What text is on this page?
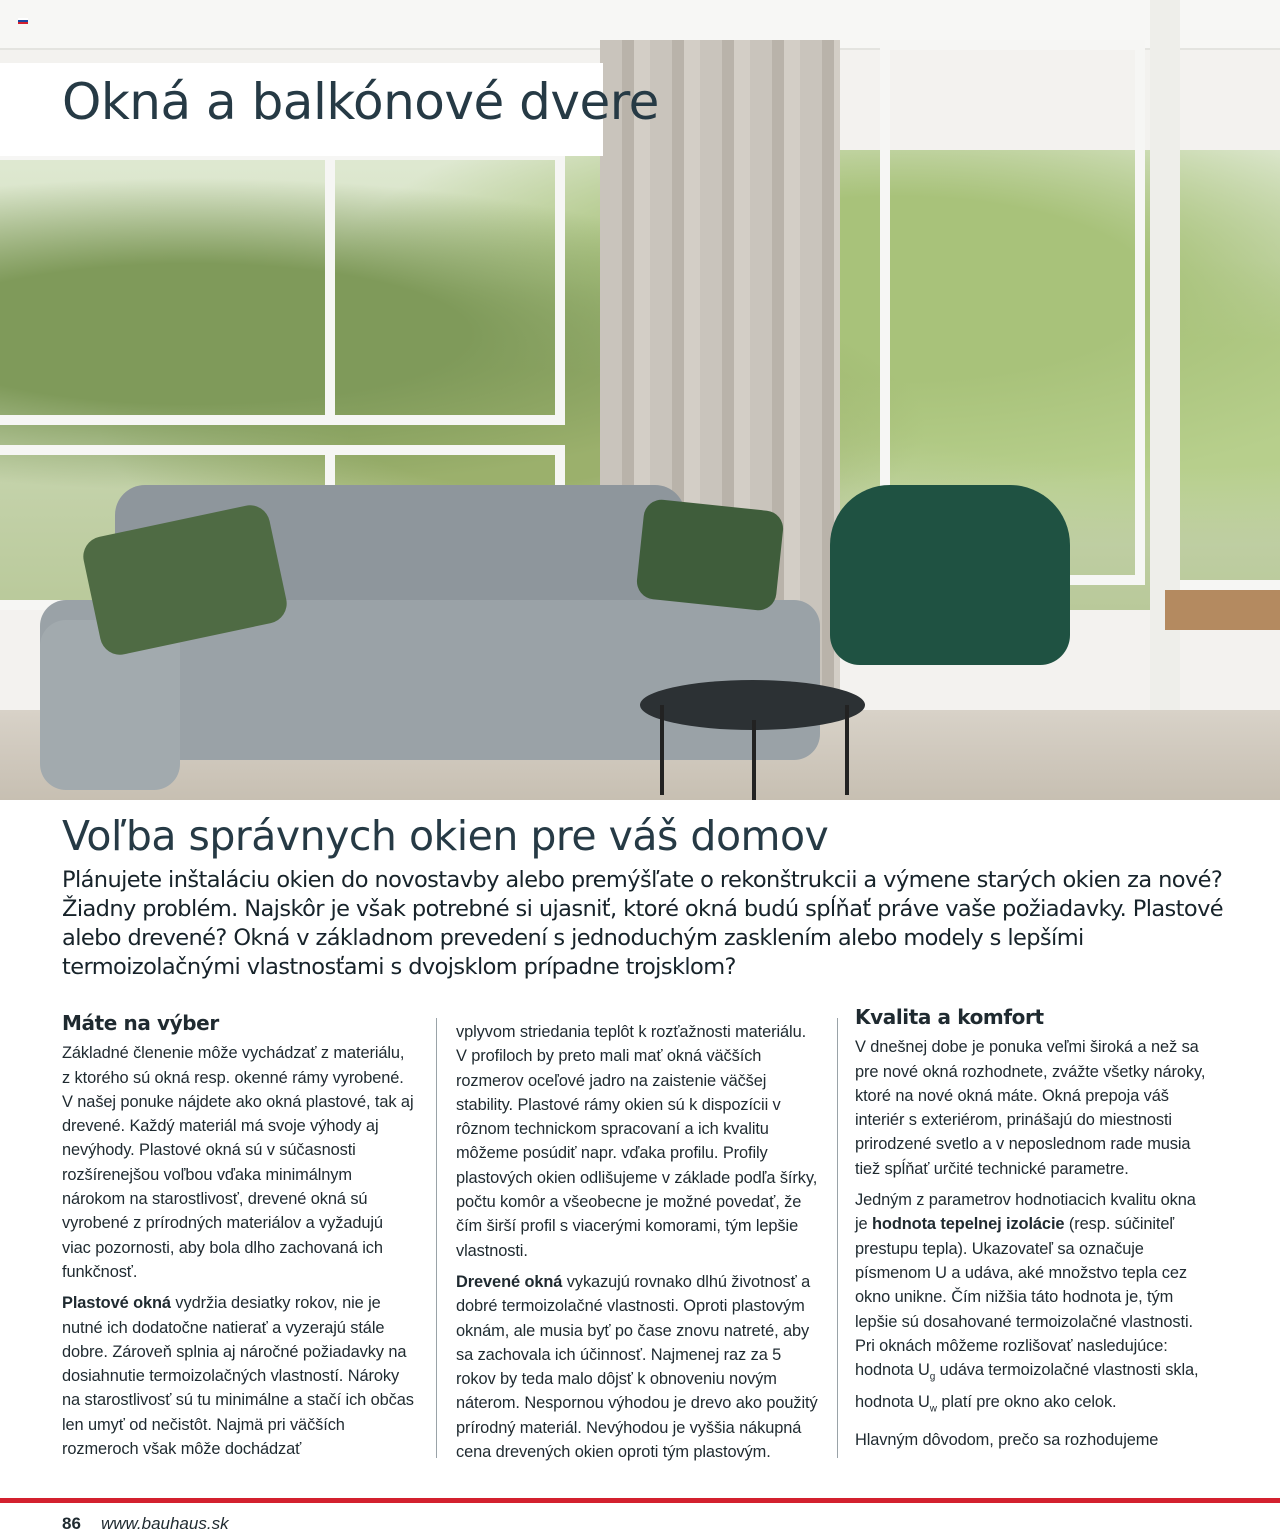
Okná a balkónové dvere
Voľba správnych okien pre váš domov

Plánujete inštaláciu okien do novostavby alebo premýšľate o rekonštrukcii a výmene starých okien za nové? Žiadny problém. Najskôr je však potrebné si ujasniť, ktoré okná budú spĺňať práve vaše požiadavky. Plastové alebo drevené? Okná v základnom prevedení s jednoduchým zasklením alebo modely s lepšími termoizolačnými vlastnosťami s dvojsklom prípadne trojsklom?

Máte na výber

Základné členenie môže vychádzať z materiálu, z ktorého sú okná resp. okenné rámy vyrobené. V našej ponuke nájdete ako okná plastové, tak aj drevené. Každý materiál má svoje výhody aj nevýhody. Plastové okná sú v súčasnosti rozšírenejšou voľbou vďaka minimálnym nárokom na starostlivosť, drevené okná sú vyrobené z prírodných materiálov a vyžadujú viac pozornosti, aby bola dlho zachovaná ich funkčnosť.

Plastové okná vydržia desiatky rokov, nie je nutné ich dodatočne natierať a vyzerajú stále dobre. Zároveň splnia aj náročné požiadavky na dosiahnutie termoizolačných vlastností. Nároky na starostlivosť sú tu minimálne a stačí ich občas len umyť od nečistôt. Najmä pri väčších rozmeroch však môže dochádzať

vplyvom striedania teplôt k rozťažnosti materiálu. V profiloch by preto mali mať okná väčších rozmerov oceľové jadro na zaistenie väčšej stability. Plastové rámy okien sú k dispozícii v rôznom technickom spracovaní a ich kvalitu môžeme posúdiť napr. vďaka profilu. Profily plastových okien odlišujeme v základe podľa šírky, počtu komôr a všeobecne je možné povedať, že čím širší profil s viacerými komorami, tým lepšie vlastnosti.

Drevené okná vykazujú rovnako dlhú životnosť a dobré termoizolačné vlastnosti. Oproti plastovým oknám, ale musia byť po čase znovu natreté, aby sa zachovala ich účinnosť. Najmenej raz za 5 rokov by teda malo dôjsť k obnoveniu novým náterom. Nespornou výhodou je drevo ako použitý prírodný materiál. Nevýhodou je vyššia nákupná cena drevených okien oproti tým plastovým.

Kvalita a komfort

V dnešnej dobe je ponuka veľmi široká a než sa pre nové okná rozhodnete, zvážte všetky nároky, ktoré na nové okná máte. Okná prepoja váš interiér s exteriérom, prinášajú do miestnosti prirodzené svetlo a v neposlednom rade musia tiež spĺňať určité technické parametre.

Jedným z parametrov hodnotiacich kvalitu okna je hodnota tepelnej izolácie (resp. súčiniteľ prestupu tepla). Ukazovateľ sa označuje písmenom U a udáva, aké množstvo tepla cez okno unikne. Čím nižšia táto hodnota je, tým lepšie sú dosahované termoizolačné vlastnosti. Pri oknách môžeme rozlišovať nasledujúce: hodnota $U_g$ udáva termoizolačné vlastnosti skla, hodnota $U_w$ platí pre okno ako celok.

Hlavným dôvodom, prečo sa rozhodujeme

86 www.bauhaus.sk
